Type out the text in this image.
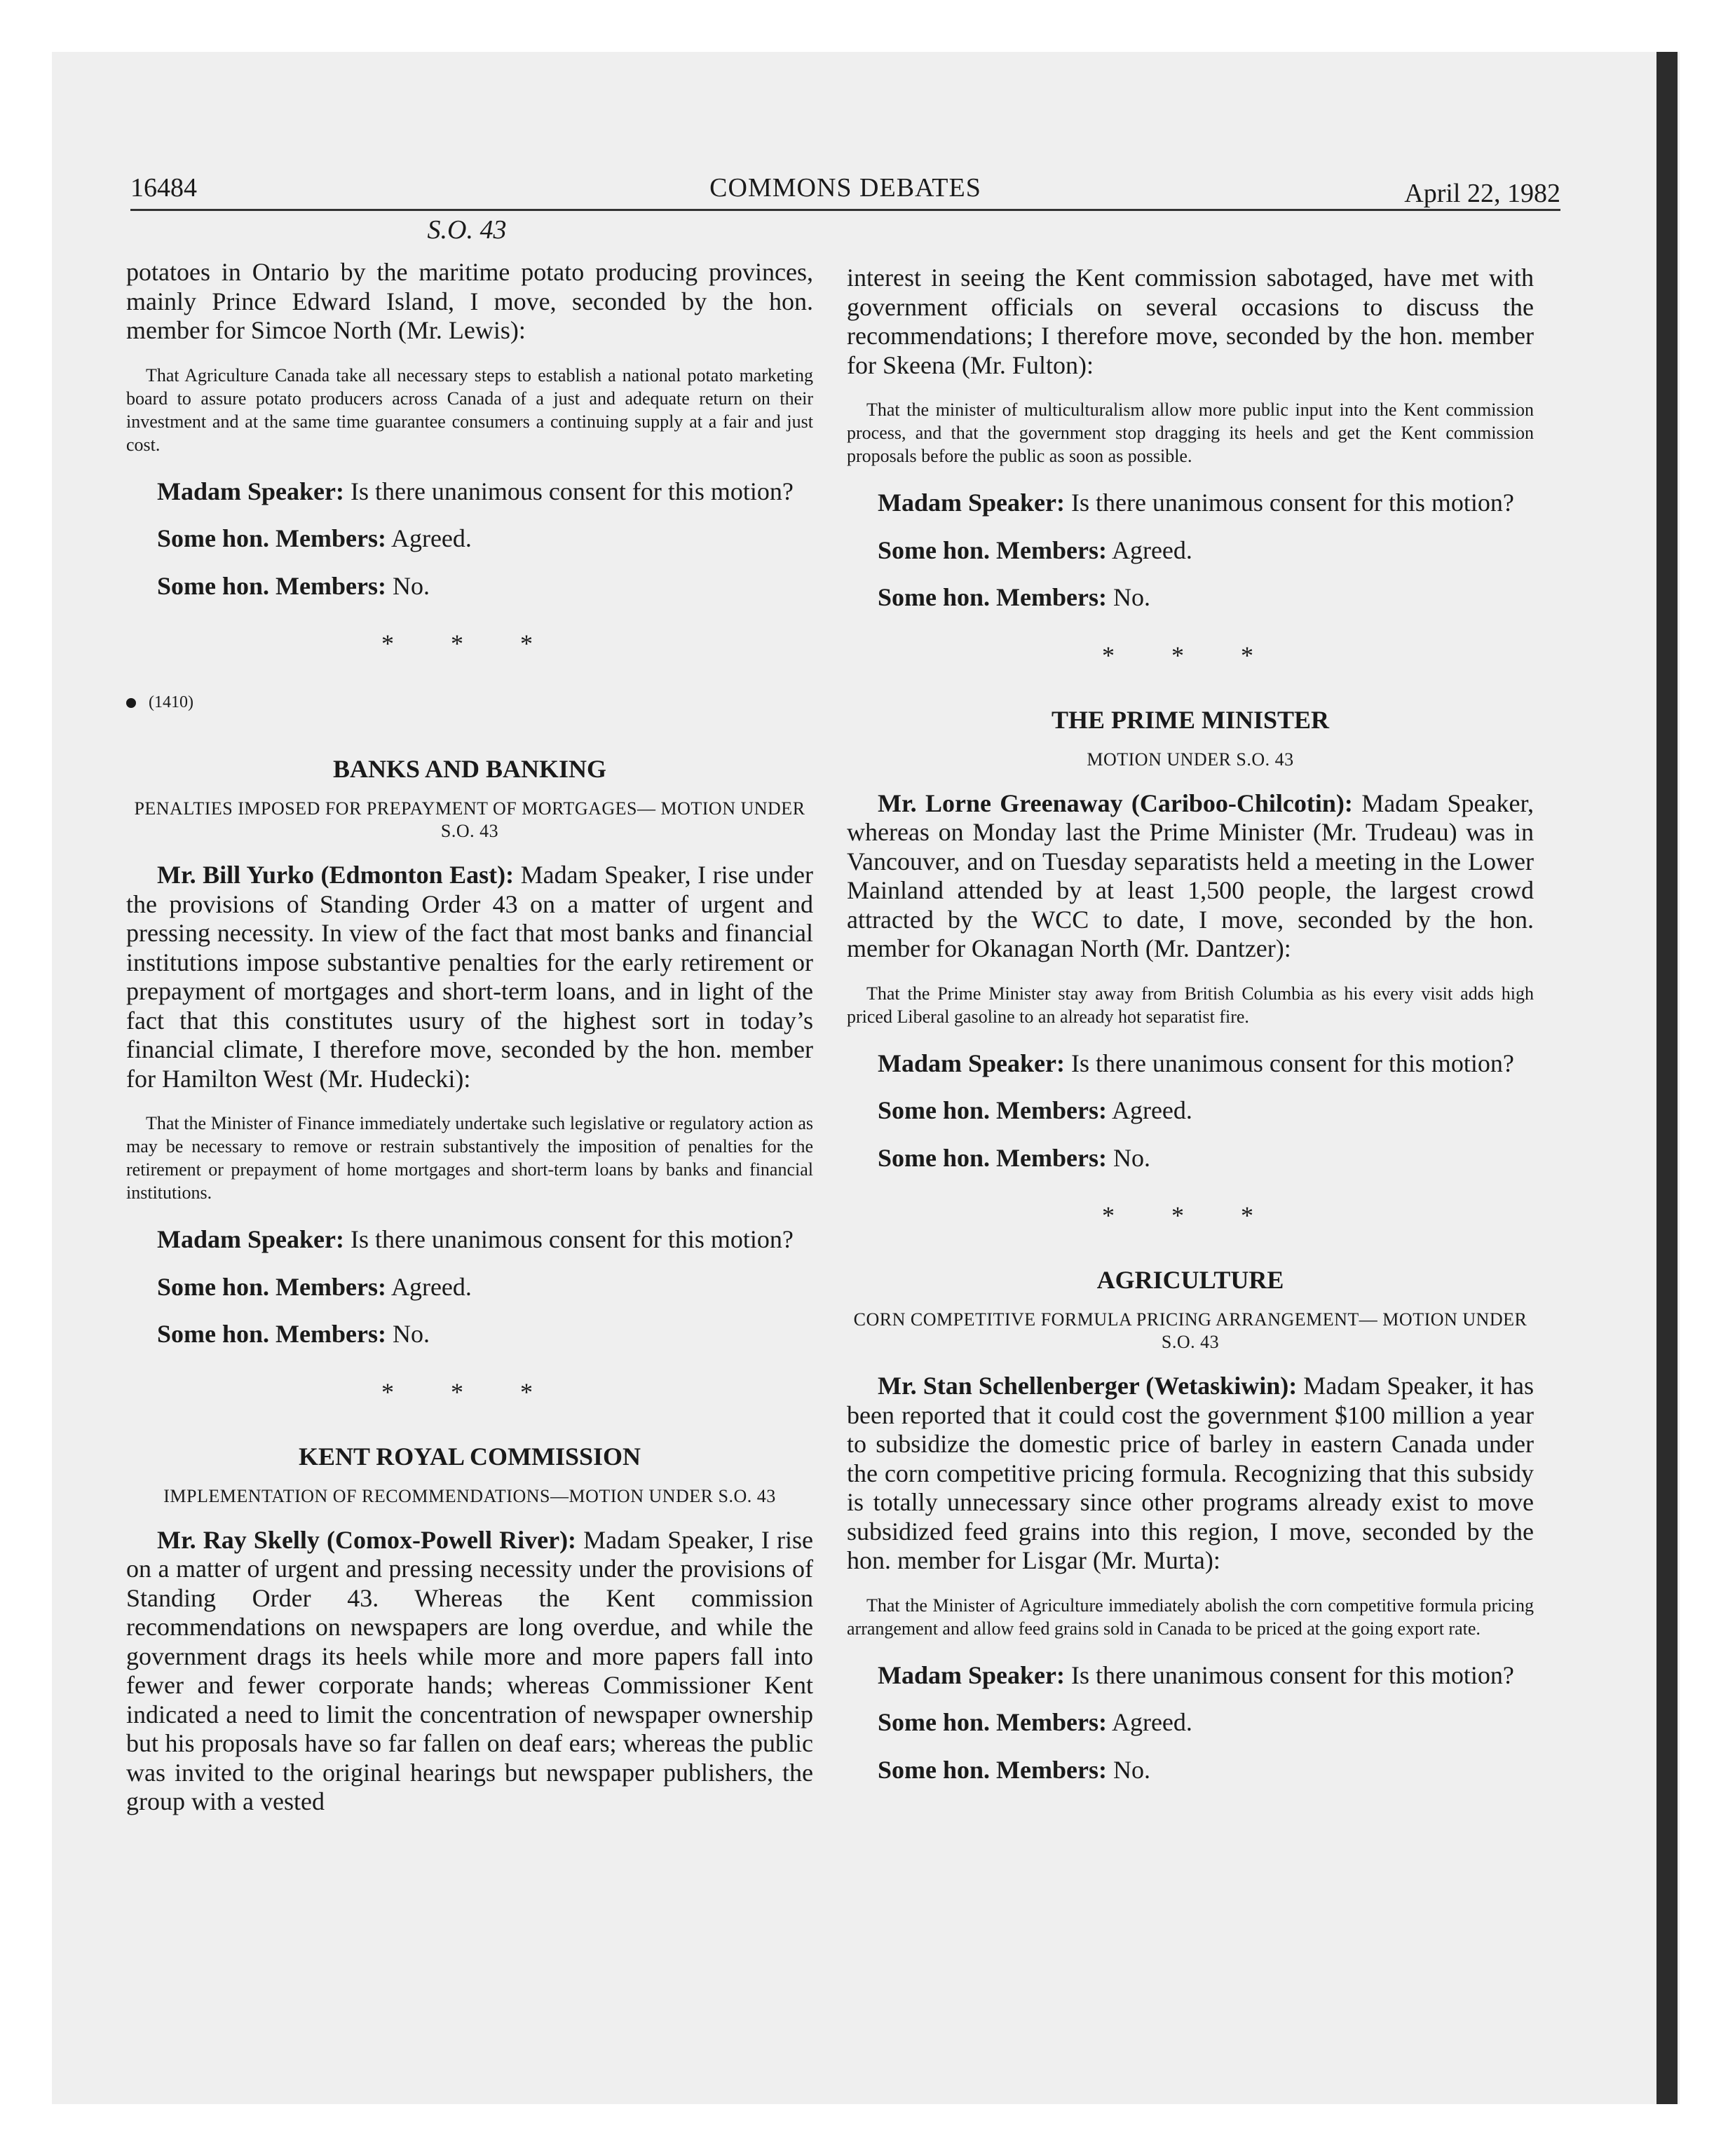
16484	COMMONS DEBATES	April 22, 1982
S.O. 43

potatoes in Ontario by the maritime potato producing provinces, mainly Prince Edward Island, I move, seconded by the hon. member for Simcoe North (Mr. Lewis):

That Agriculture Canada take all necessary steps to establish a national potato marketing board to assure potato producers across Canada of a just and adequate return on their investment and at the same time guarantee consumers a continuing supply at a fair and just cost.

Madam Speaker: Is there unanimous consent for this motion?

Some hon. Members: Agreed.

Some hon. Members: No.

* * *
(1410)
BANKS AND BANKING
PENALTIES IMPOSED FOR PREPAYMENT OF MORTGAGES— MOTION UNDER S.O. 43

Mr. Bill Yurko (Edmonton East): Madam Speaker, I rise under the provisions of Standing Order 43 on a matter of urgent and pressing necessity. In view of the fact that most banks and financial institutions impose substantive penalties for the early retirement or prepayment of mortgages and short-term loans, and in light of the fact that this constitutes usury of the highest sort in today’s financial climate, I therefore move, seconded by the hon. member for Hamilton West (Mr. Hudecki):

That the Minister of Finance immediately undertake such legislative or regulatory action as may be necessary to remove or restrain substantively the imposition of penalties for the retirement or prepayment of home mortgages and short-term loans by banks and financial institutions.

Madam Speaker: Is there unanimous consent for this motion?

Some hon. Members: Agreed.

Some hon. Members: No.

* * *
KENT ROYAL COMMISSION
IMPLEMENTATION OF RECOMMENDATIONS—MOTION UNDER S.O. 43

Mr. Ray Skelly (Comox-Powell River): Madam Speaker, I rise on a matter of urgent and pressing necessity under the provisions of Standing Order 43. Whereas the Kent commission recommendations on newspapers are long overdue, and while the government drags its heels while more and more papers fall into fewer and fewer corporate hands; whereas Commissioner Kent indicated a need to limit the concentration of newspaper ownership but his proposals have so far fallen on deaf ears; whereas the public was invited to the original hearings but newspaper publishers, the group with a vested

interest in seeing the Kent commission sabotaged, have met with government officials on several occasions to discuss the recommendations; I therefore move, seconded by the hon. member for Skeena (Mr. Fulton):

That the minister of multiculturalism allow more public input into the Kent commission process, and that the government stop dragging its heels and get the Kent commission proposals before the public as soon as possible.

Madam Speaker: Is there unanimous consent for this motion?

Some hon. Members: Agreed.

Some hon. Members: No.

* * *
THE PRIME MINISTER
MOTION UNDER S.O. 43

Mr. Lorne Greenaway (Cariboo-Chilcotin): Madam Speaker, whereas on Monday last the Prime Minister (Mr. Trudeau) was in Vancouver, and on Tuesday separatists held a meeting in the Lower Mainland attended by at least 1,500 people, the largest crowd attracted by the WCC to date, I move, seconded by the hon. member for Okanagan North (Mr. Dantzer):

That the Prime Minister stay away from British Columbia as his every visit adds high priced Liberal gasoline to an already hot separatist fire.

Madam Speaker: Is there unanimous consent for this motion?

Some hon. Members: Agreed.

Some hon. Members: No.

* * *
AGRICULTURE
CORN COMPETITIVE FORMULA PRICING ARRANGEMENT— MOTION UNDER S.O. 43

Mr. Stan Schellenberger (Wetaskiwin): Madam Speaker, it has been reported that it could cost the government $100 million a year to subsidize the domestic price of barley in eastern Canada under the corn competitive pricing formula. Recognizing that this subsidy is totally unnecessary since other programs already exist to move subsidized feed grains into this region, I move, seconded by the hon. member for Lisgar (Mr. Murta):

That the Minister of Agriculture immediately abolish the corn competitive formula pricing arrangement and allow feed grains sold in Canada to be priced at the going export rate.

Madam Speaker: Is there unanimous consent for this motion?

Some hon. Members: Agreed.

Some hon. Members: No.
